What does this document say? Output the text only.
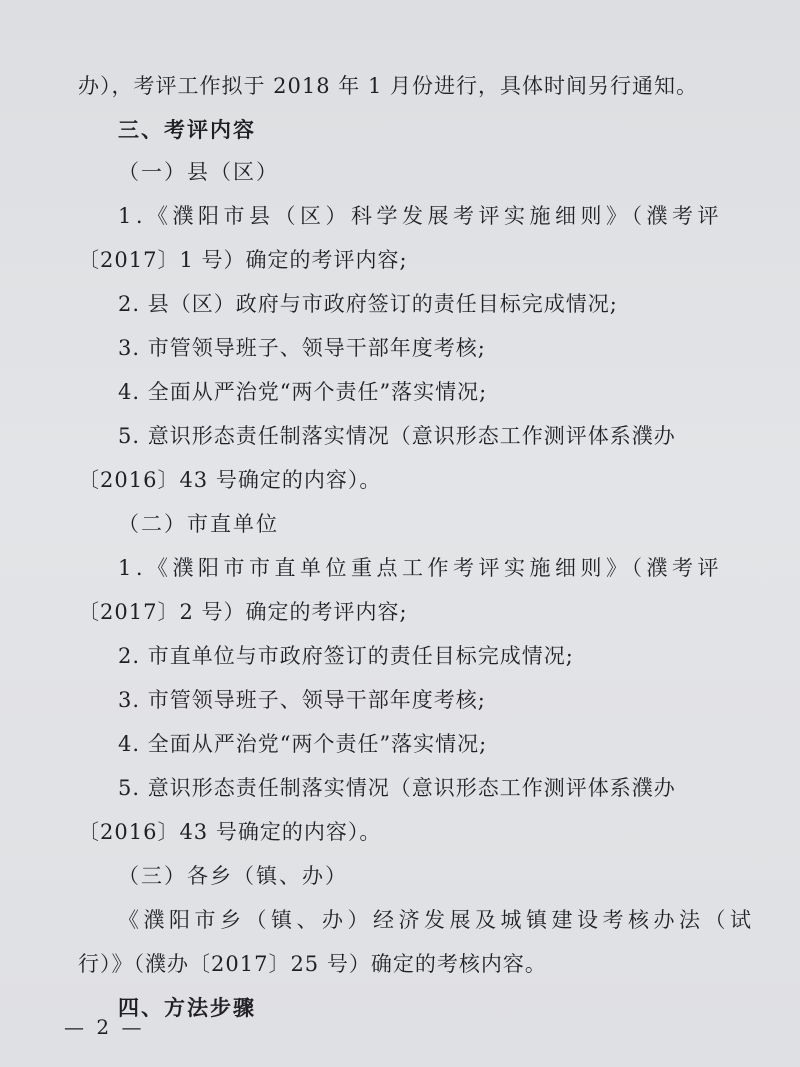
办），考评工作拟于 2018 年 1 月份进行，具体时间另行通知。
三、考评内容
（一）县（区）
1.《濮阳市县（区）科学发展考评实施细则》（濮考评
〔2017〕1 号）确定的考评内容;
2. 县（区）政府与市政府签订的责任目标完成情况;
3. 市管领导班子、领导干部年度考核;
4. 全面从严治党“两个责任”落实情况;
5. 意识形态责任制落实情况（意识形态工作测评体系濮办
〔2016〕43 号确定的内容）。
（二）市直单位
1.《濮阳市市直单位重点工作考评实施细则》（濮考评
〔2017〕2 号）确定的考评内容;
2. 市直单位与市政府签订的责任目标完成情况;
3. 市管领导班子、领导干部年度考核;
4. 全面从严治党“两个责任”落实情况;
5. 意识形态责任制落实情况（意识形态工作测评体系濮办
〔2016〕43 号确定的内容）。
（三）各乡（镇、办）
《濮阳市乡（镇、办）经济发展及城镇建设考核办法（试
行）》（濮办〔2017〕25 号）确定的考核内容。
四、方法步骤
— 2 —
